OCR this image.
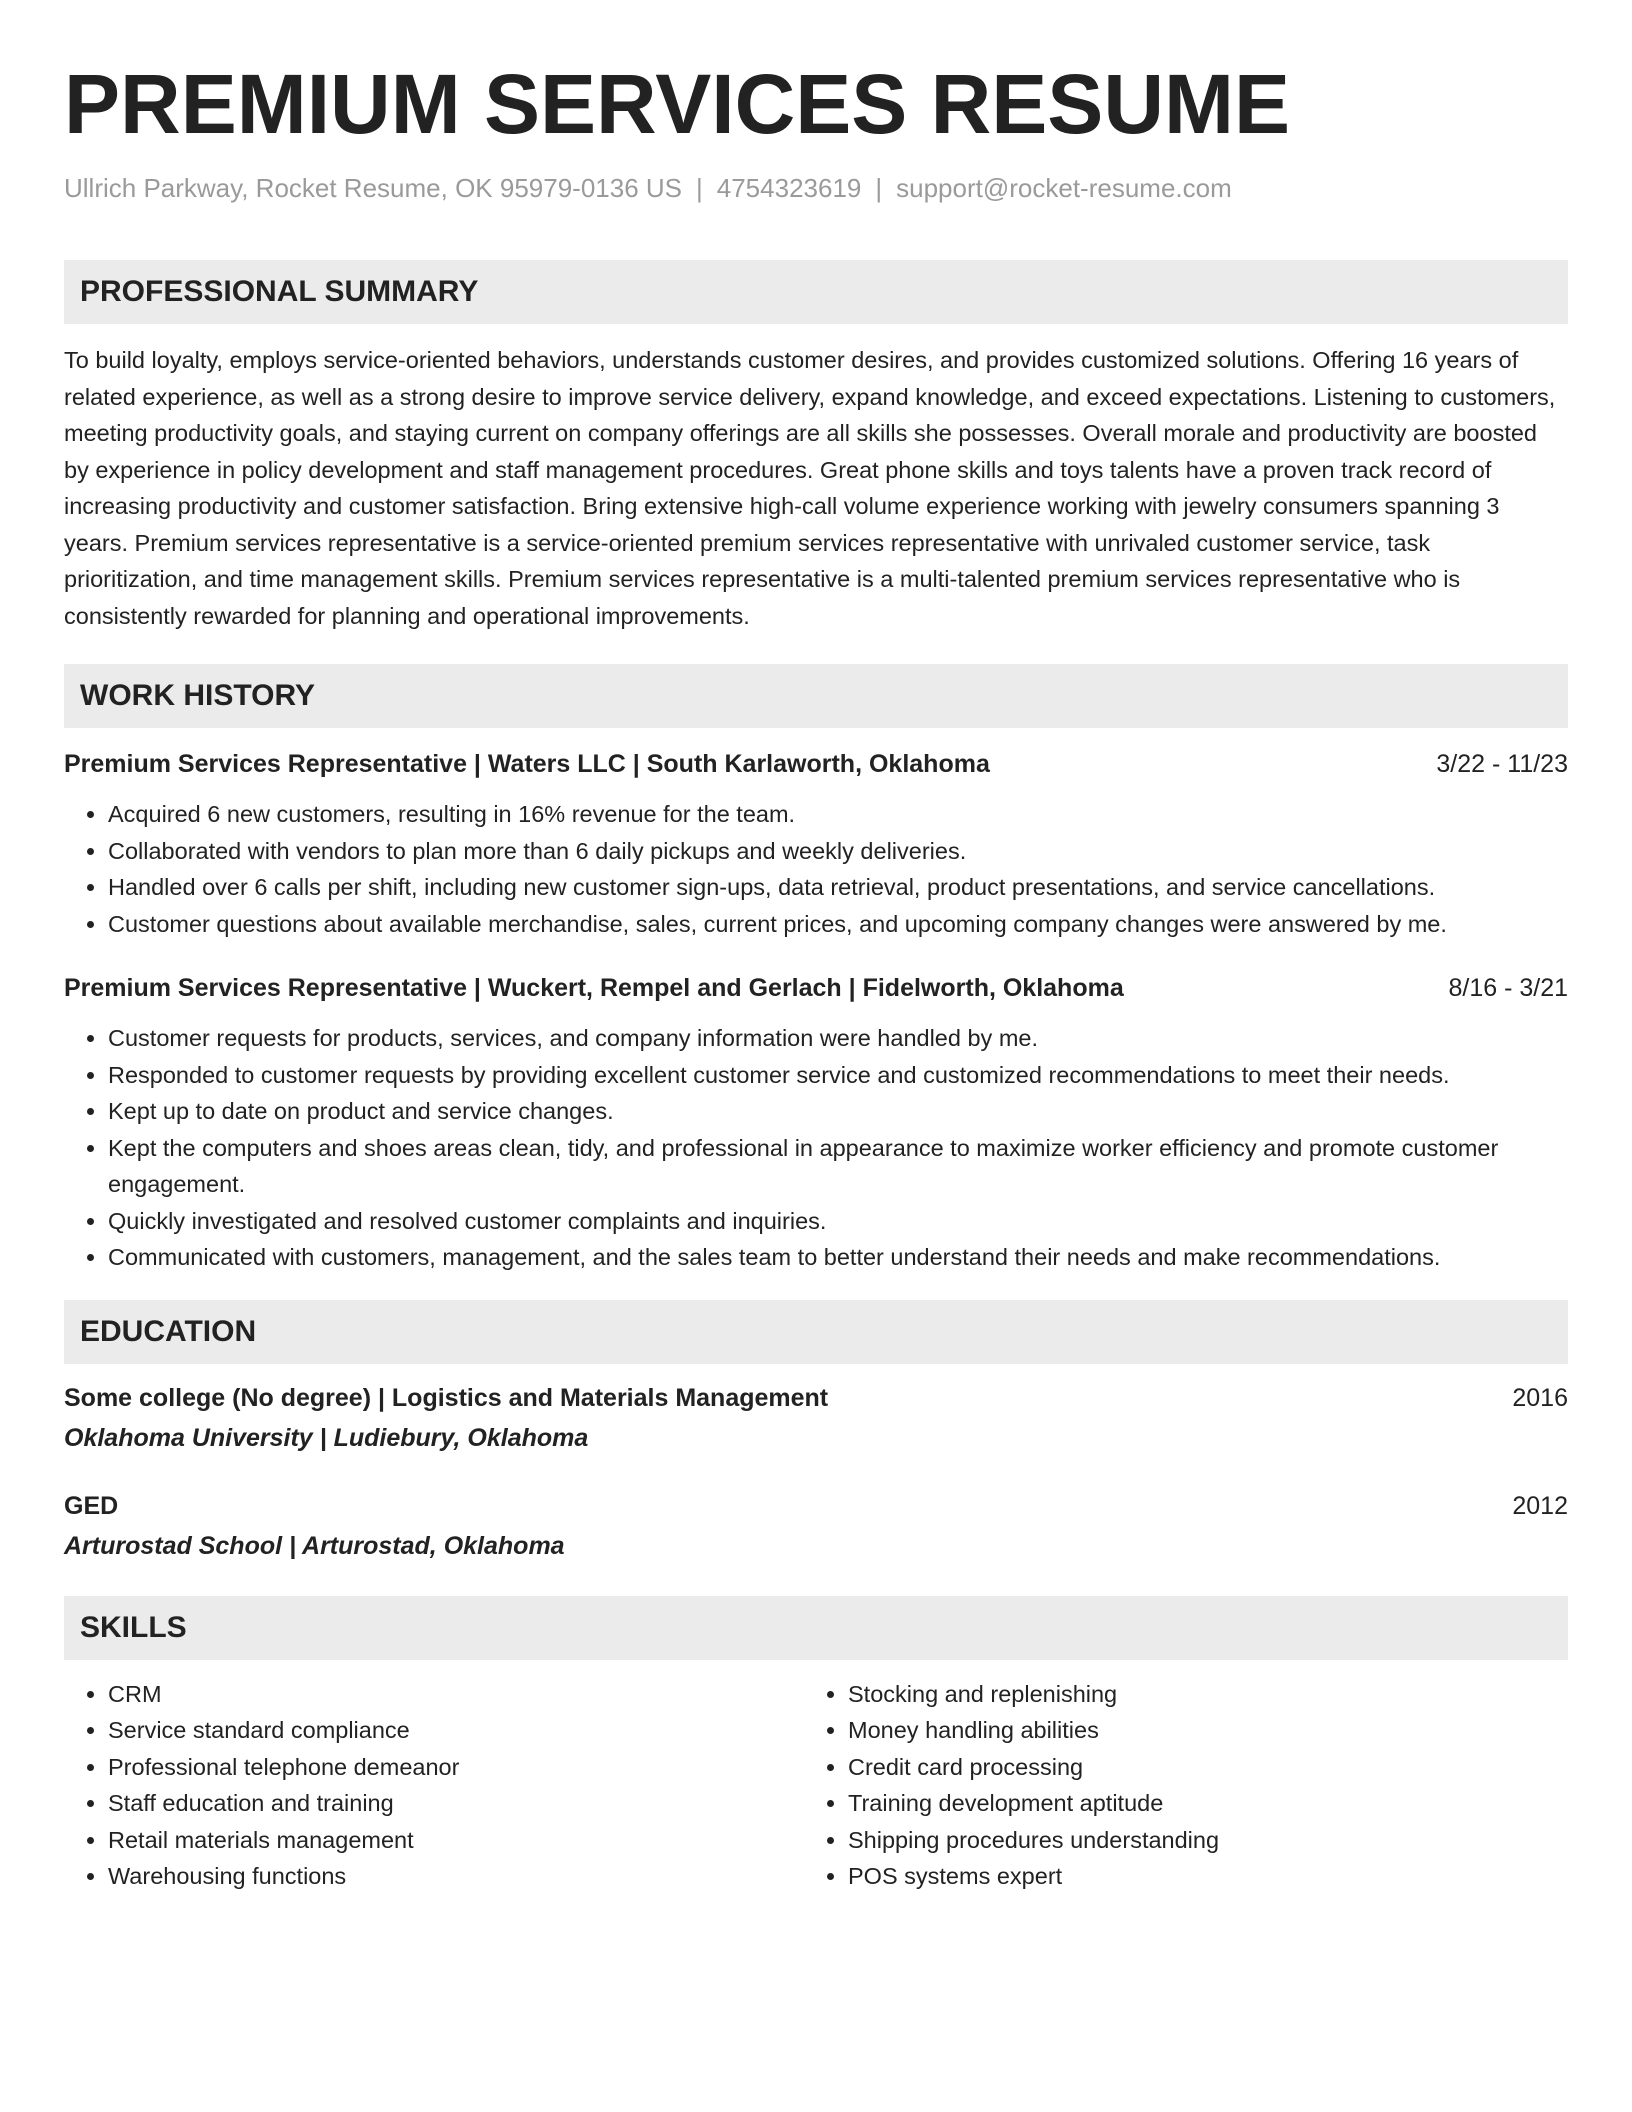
PREMIUM SERVICES RESUME
Ullrich Parkway, Rocket Resume, OK 95979-0136 US | 4754323619 | support@rocket-resume.com
PROFESSIONAL SUMMARY

To build loyalty, employs service-oriented behaviors, understands customer desires, and provides customized solutions. Offering 16 years of related experience, as well as a strong desire to improve service delivery, expand knowledge, and exceed expectations. Listening to customers, meeting productivity goals, and staying current on company offerings are all skills she possesses. Overall morale and productivity are boosted by experience in policy development and staff management procedures. Great phone skills and toys talents have a proven track record of increasing productivity and customer satisfaction. Bring extensive high-call volume experience working with jewelry consumers spanning 3 years. Premium services representative is a service-oriented premium services representative with unrivaled customer service, task prioritization, and time management skills. Premium services representative is a multi-talented premium services representative who is consistently rewarded for planning and operational improvements.

WORK HISTORY
Premium Services Representative | Waters LLC | South Karlaworth, Oklahoma	3/22 - 11/23
• Acquired 6 new customers, resulting in 16% revenue for the team.
• Collaborated with vendors to plan more than 6 daily pickups and weekly deliveries.
• Handled over 6 calls per shift, including new customer sign-ups, data retrieval, product presentations, and service cancellations.
• Customer questions about available merchandise, sales, current prices, and upcoming company changes were answered by me.
Premium Services Representative | Wuckert, Rempel and Gerlach | Fidelworth, Oklahoma	8/16 - 3/21
• Customer requests for products, services, and company information were handled by me.
• Responded to customer requests by providing excellent customer service and customized recommendations to meet their needs.
• Kept up to date on product and service changes.
• Kept the computers and shoes areas clean, tidy, and professional in appearance to maximize worker efficiency and promote customer engagement.
• Quickly investigated and resolved customer complaints and inquiries.
• Communicated with customers, management, and the sales team to better understand their needs and make recommendations.
EDUCATION
Some college (No degree) | Logistics and Materials Management	2016
Oklahoma University | Ludiebury, Oklahoma
GED	2012
Arturostad School | Arturostad, Oklahoma
SKILLS
• CRM
• Service standard compliance
• Professional telephone demeanor
• Staff education and training
• Retail materials management
• Warehousing functions
• Stocking and replenishing
• Money handling abilities
• Credit card processing
• Training development aptitude
• Shipping procedures understanding
• POS systems expert
